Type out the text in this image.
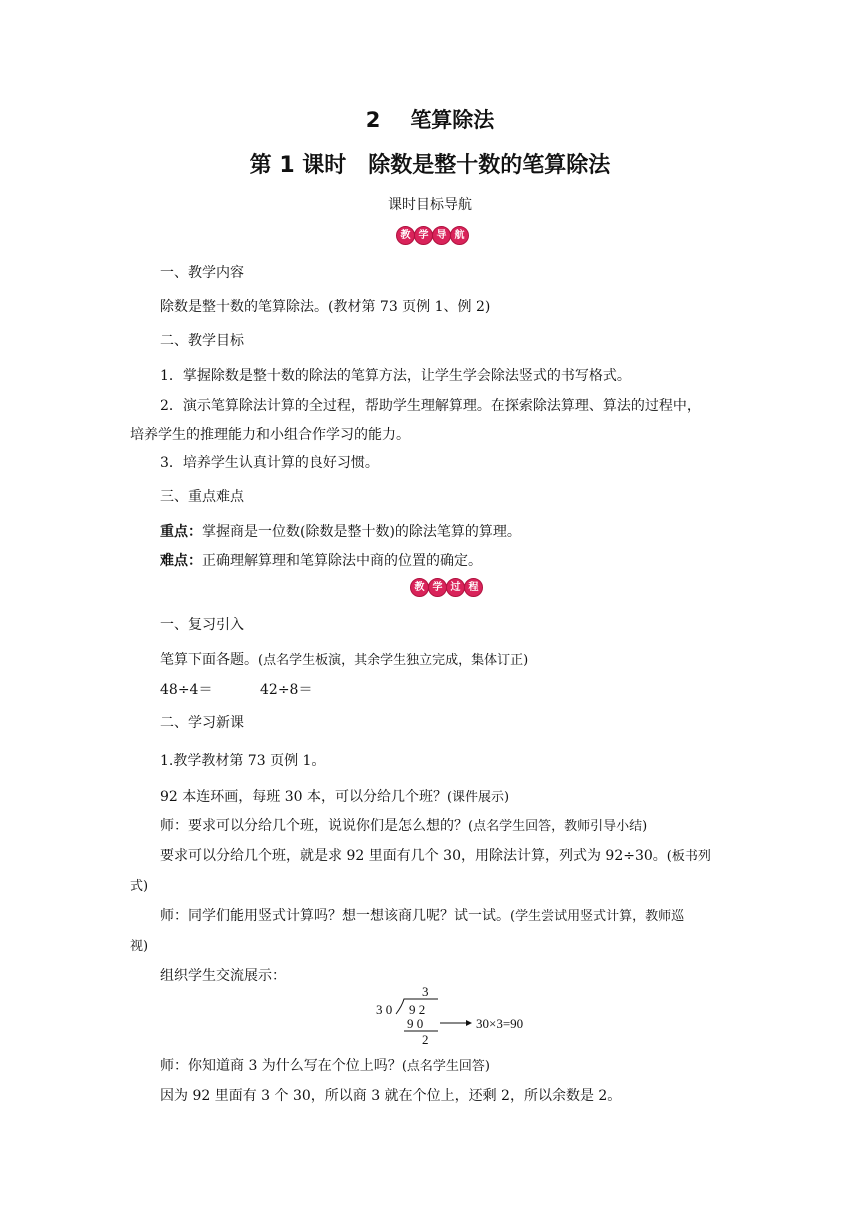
2 笔算除法
第 1 课时　除数是整十数的笔算除法
课时目标导航
教 学 导 航
一、教学内容
除数是整十数的笔算除法。(教材第 73 页例 1、例 2)
二、教学目标
1．掌握除数是整十数的除法的笔算方法，让学生学会除法竖式的书写格式。
2．演示笔算除法计算的全过程，帮助学生理解算理。在探索除法算理、算法的过程中，
培养学生的推理能力和小组合作学习的能力。
3．培养学生认真计算的良好习惯。
三、重点难点
重点：掌握商是一位数(除数是整十数)的除法笔算的算理。
难点：正确理解算理和笔算除法中商的位置的确定。
教 学 过 程
一、复习引入
笔算下面各题。(点名学生板演，其余学生独立完成，集体订正)
48÷4＝	42÷8＝
二、学习新课
1.教学教材第 73 页例 1。
92 本连环画，每班 30 本，可以分给几个班？(课件展示)
师：要求可以分给几个班，说说你们是怎么想的？(点名学生回答，教师引导小结)
要求可以分给几个班，就是求 92 里面有几个 30，用除法计算，列式为 92÷30。(板书列
式)
师：同学们能用竖式计算吗？想一想该商几呢？试一试。(学生尝试用竖式计算，教师巡
视)
组织学生交流展示：
3
3 0 9 2
9 0
2
30×3=90
师：你知道商 3 为什么写在个位上吗？(点名学生回答)
因为 92 里面有 3 个 30，所以商 3 就在个位上，还剩 2，所以余数是 2。
